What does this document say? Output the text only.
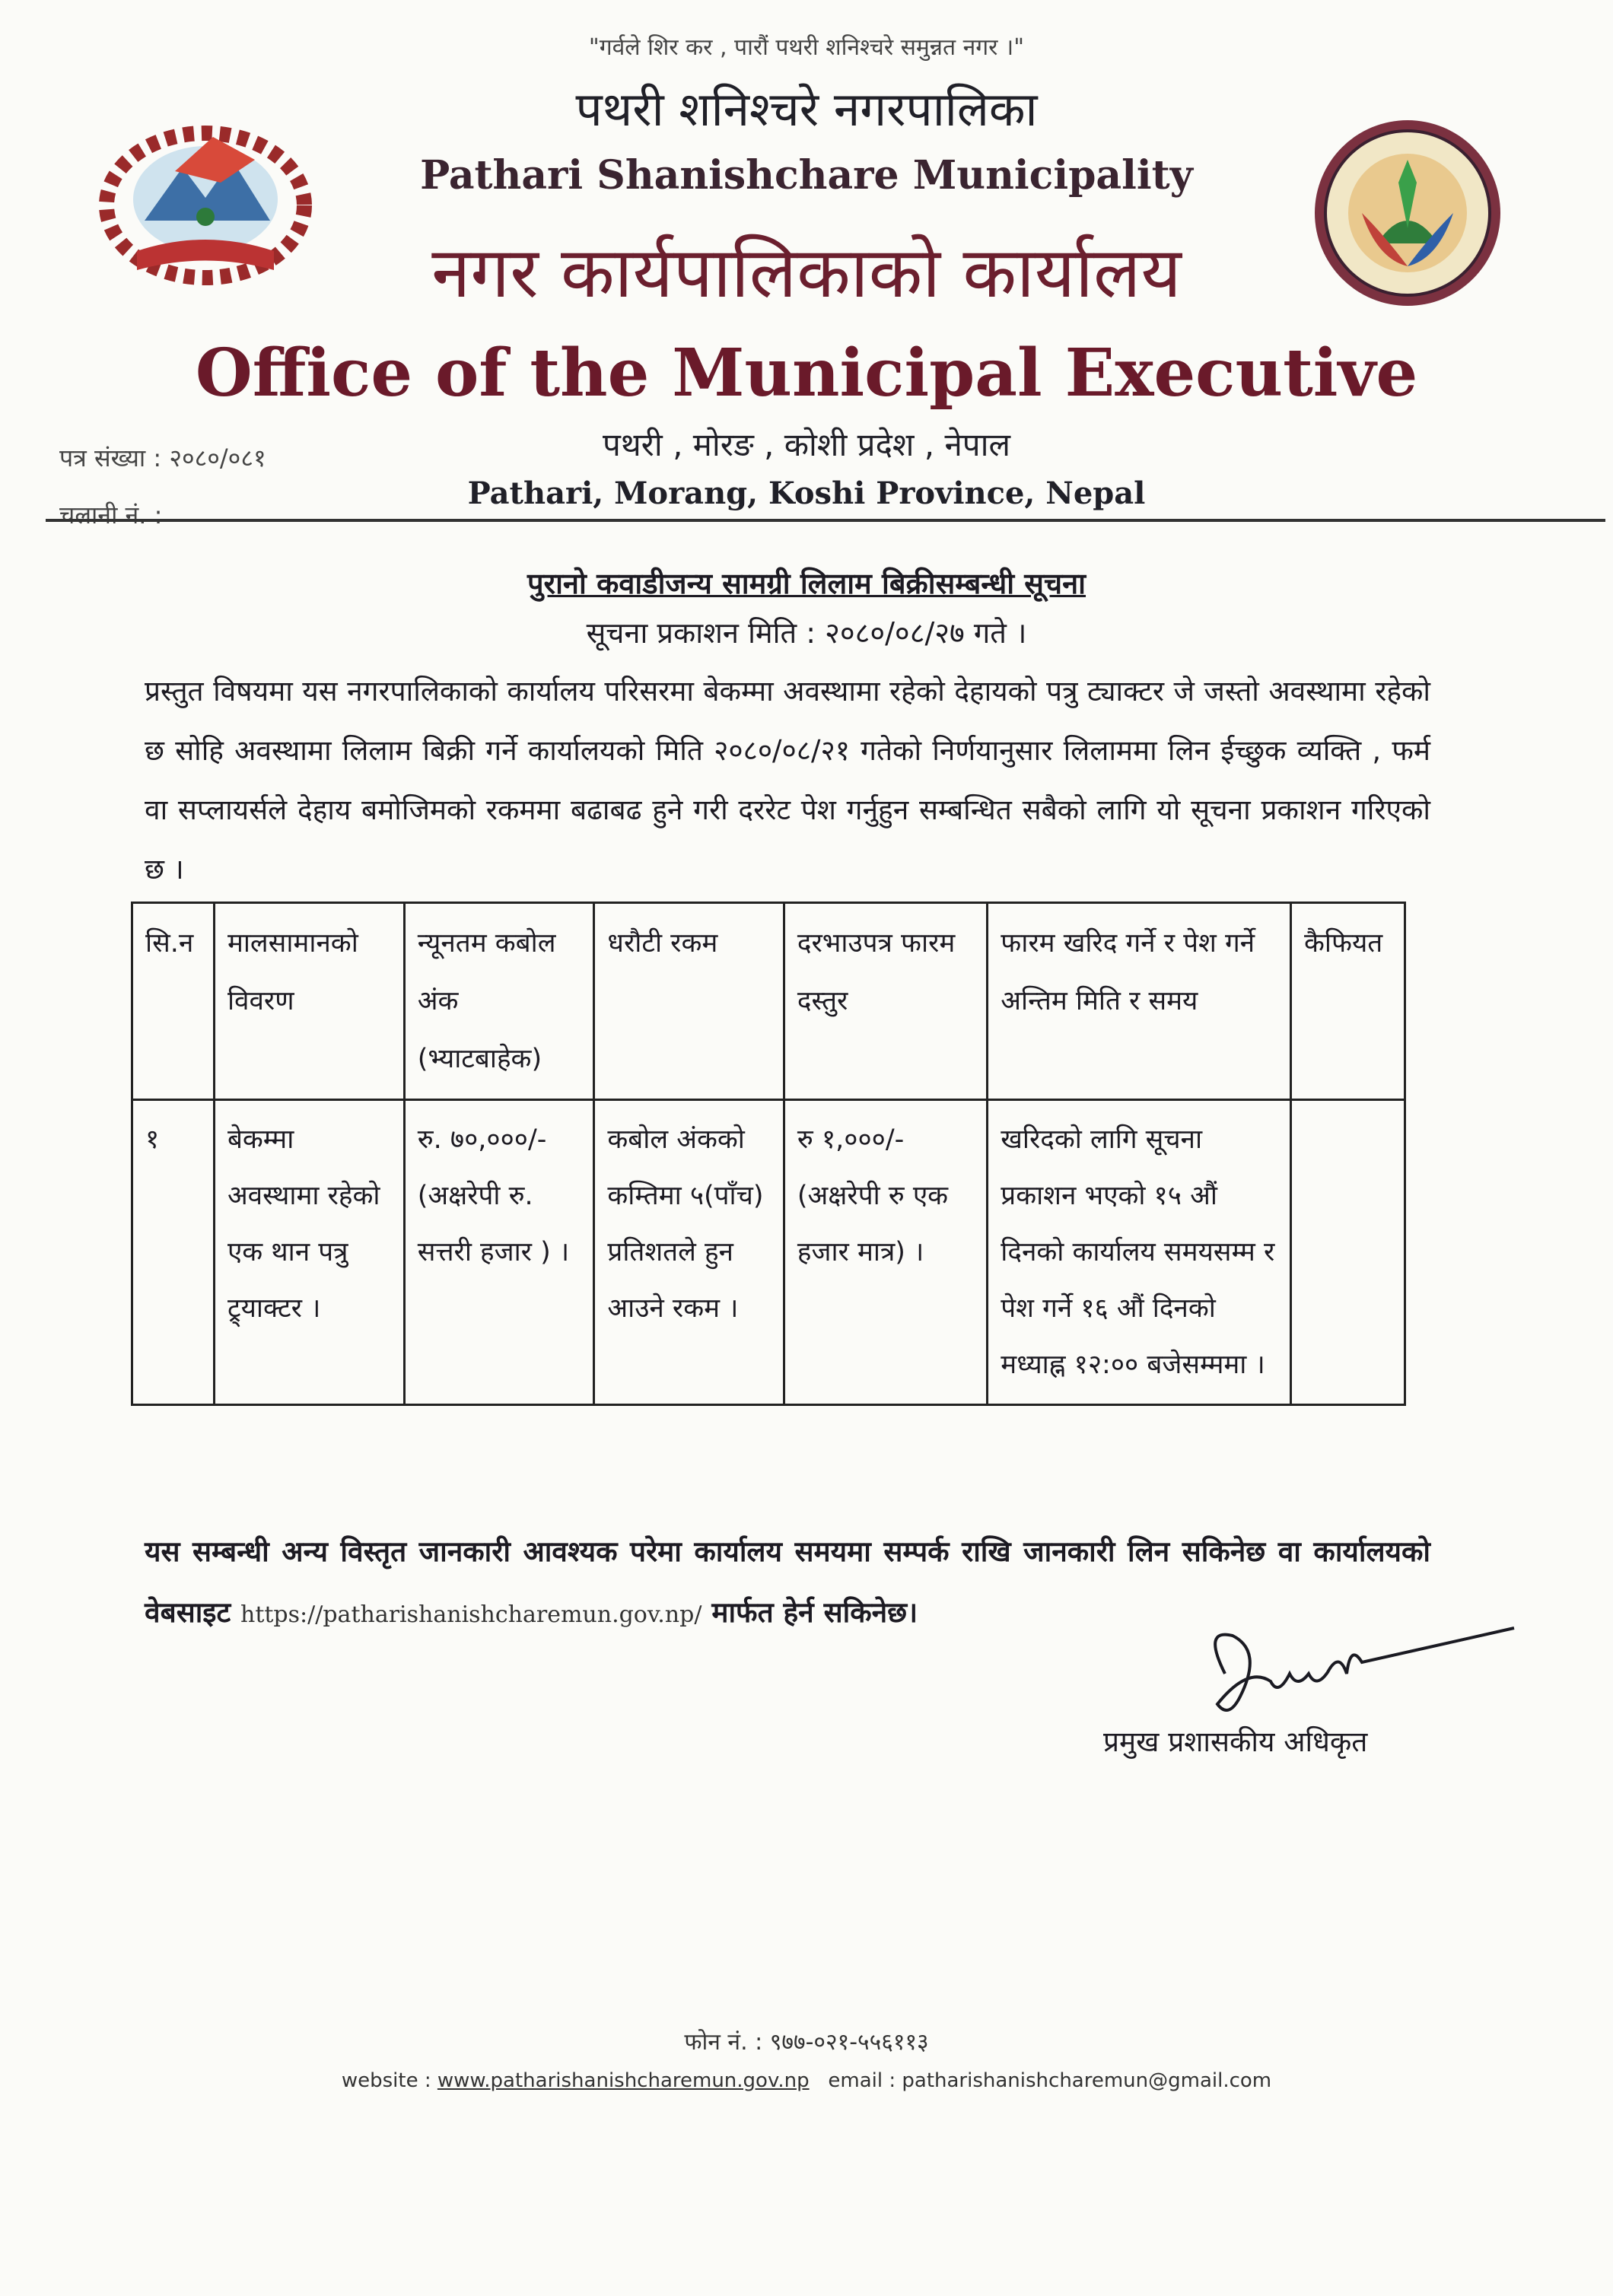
"गर्वले शिर कर , पारौं पथरी शनिश्चरे समुन्नत नगर ।"
पथरी शनिश्चरे नगरपालिका
Pathari Shanishchare Municipality
नगर कार्यपालिकाको कार्यालय
Office of the Municipal Executive
पत्र संख्या : २०८०/०८१	पथरी , मोरङ , कोशी प्रदेश , नेपाल
चलानी नं. :
Pathari, Morang, Koshi Province, Nepal
पुरानो कवाडीजन्य सामग्री लिलाम बिक्रीसम्बन्धी सूचना
सूचना प्रकाशन मिति : २०८०/०८/२७ गते ।
प्रस्तुत विषयमा यस नगरपालिकाको कार्यालय परिसरमा बेकम्मा अवस्थामा रहेको देहायको पत्रु ट्याक्टर जे जस्तो अवस्थामा रहेको छ सोहि अवस्थामा लिलाम बिक्री गर्ने कार्यालयको मिति २०८०/०८/२१ गतेको निर्णयानुसार लिलाममा लिन ईच्छुक व्यक्ति , फर्म वा सप्लायर्सले देहाय बमोजिमको रकममा बढाबढ हुने गरी दररेट पेश गर्नुहुन सम्बन्धित सबैको लागि यो सूचना प्रकाशन गरिएको छ ।
सि.न	मालसामानको विवरण	न्यूनतम कबोल अंक (भ्याटबाहेक)	धरौटी रकम	दरभाउपत्र फारम दस्तुर	फारम खरिद गर्ने र पेश गर्ने अन्तिम मिति र समय	कैफियत
१	बेकम्मा अवस्थामा रहेको एक थान पत्रु ट्र्याक्टर ।	रु. ७०,०००/- (अक्षरेपी रु. सत्तरी हजार ) ।	कबोल अंकको कम्तिमा ५(पाँच) प्रतिशतले हुन आउने रकम ।	रु १,०००/- (अक्षरेपी रु एक हजार मात्र) ।	खरिदको लागि सूचना प्रकाशन भएको १५ औं दिनको कार्यालय समयसम्म र पेश गर्ने १६ औं दिनको मध्याह्न १२:०० बजेसम्ममा ।	
यस सम्बन्धी अन्य विस्तृत जानकारी आवश्यक परेमा कार्यालय समयमा सम्पर्क राखि जानकारी लिन सकिनेछ वा कार्यालयको वेबसाइट https://patharishanishcharemun.gov.np/ मार्फत हेर्न सकिनेछ।
प्रमुख प्रशासकीय अधिकृत
फोन नं. : ९७७-०२१-५५६११३
website : www.patharishanishcharemun.gov.np email : patharishanishcharemun@gmail.com
